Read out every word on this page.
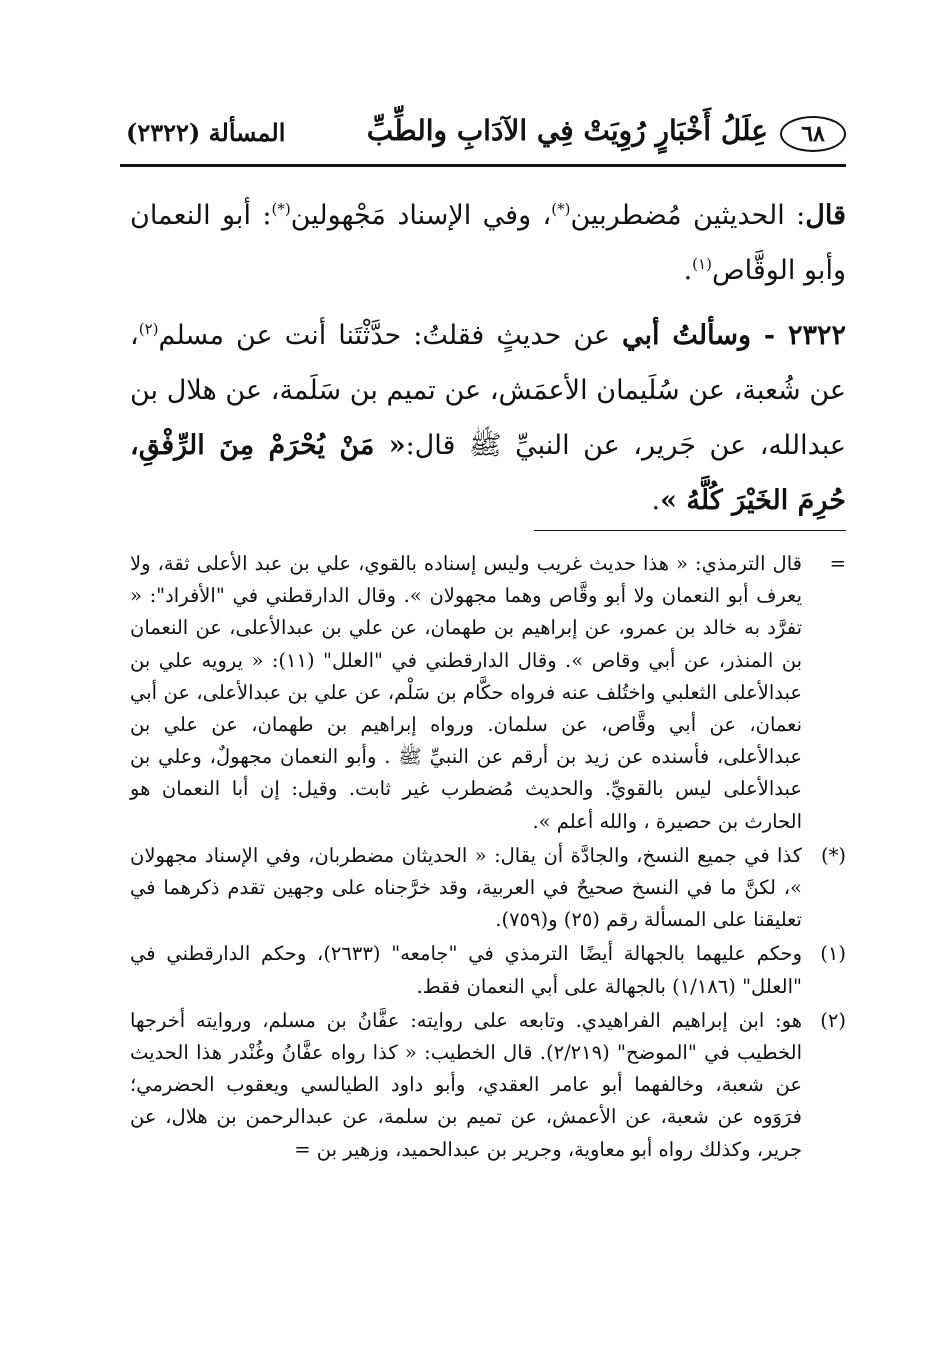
٦٨
عِلَلُ أَخْبَارٍ رُوِيَتْ فِي الآدَابِ والطِّبِّ
المسألة (٢٣٢٢)

قال: الحديثين مُضطربين(*)، وفي الإسناد مَجْهولين(*): أبو النعمان وأبو الوقَّاص$^{(١)}$.

٢٣٢٢ - وسألتُ أبي عن حديثٍ فقلتُ: حدَّثْتَنا أنت عن مسلم$^{(٢)}$، عن شُعبة، عن سُلَيمان الأعمَش، عن تميم بن سَلَمة، عن هلال بن عبدالله، عن جَرير، عن النبيِّ ﷺ قال:« مَنْ يُحْرَمْ مِنَ الرِّفْقِ، حُرِمَ الخَيْرَ كُلَّهُ ».

=
قال الترمذي: « هذا حديث غريب وليس إسناده بالقوي، علي بن عبد الأعلى ثقة، ولا يعرف أبو النعمان ولا أبو وقَّاص وهما مجهولان ». وقال الدارقطني في "الأفراد": « تفرَّد به خالد بن عمرو، عن إبراهيم بن طهمان، عن علي بن عبدالأعلى، عن النعمان بن المنذر، عن أبي وقاص ». وقال الدارقطني في "العلل" (١١): « يرويه علي بن عبدالأعلى الثعلبي واختُلف عنه فرواه حكَّام بن سَلْم، عن علي بن عبدالأعلى، عن أبي نعمان، عن أبي وقَّاص، عن سلمان. ورواه إبراهيم بن طهمان، عن علي بن عبدالأعلى، فأسنده عن زيد بن أرقم عن النبيِّ ﷺ . وأبو النعمان مجهولٌ، وعلي بن عبدالأعلى ليس بالقويِّ. والحديث مُضطرب غير ثابت. وقيل: إن أبا النعمان هو الحارث بن حصيرة ، والله أعلم ».

(*)
كذا في جميع النسخ، والجادَّة أن يقال: « الحديثان مضطربان، وفي الإسناد مجهولان »، لكنَّ ما في النسخ صحيحٌ في العربية، وقد خرَّجناه على وجهين تقدم ذكرهما في تعليقنا على المسألة رقم (٢٥) و(٧٥٩).

(١)
وحكم عليهما بالجهالة أيضًا الترمذي في "جامعه" (٢٦٣٣)، وحكم الدارقطني في "العلل" (١/١٨٦) بالجهالة على أبي النعمان فقط.

(٢)
هو: ابن إبراهيم الفراهيدي. وتابعه على روايته: عفَّانُ بن مسلم، وروايته أخرجها الخطيب في "الموضح" (٢/٢١٩). قال الخطيب: « كذا رواه عفَّانُ وغُنْدر هذا الحديث عن شعبة، وخالفهما أبو عامر العقدي، وأبو داود الطيالسي ويعقوب الحضرمي؛ فرَوَوه عن شعبة، عن الأعمش، عن تميم بن سلمة، عن عبدالرحمن بن هلال، عن جرير، وكذلك رواه أبو معاوية، وجرير بن عبدالحميد، وزهير بن =
